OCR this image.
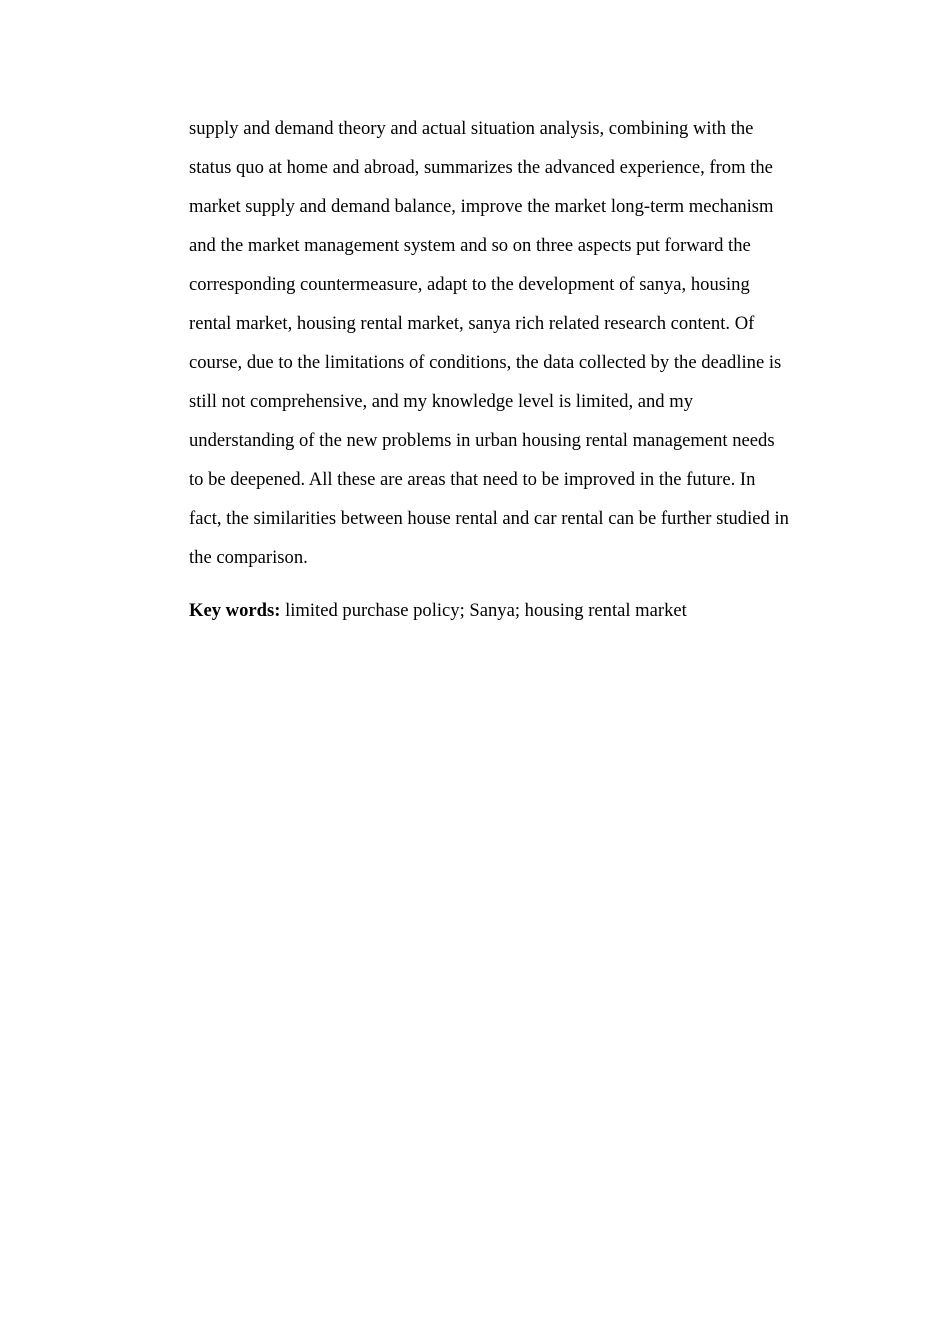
supply and demand theory and actual situation analysis, combining with the
status quo at home and abroad, summarizes the advanced experience, from the
market supply and demand balance, improve the market long-term mechanism
and the market management system and so on three aspects put forward the
corresponding countermeasure, adapt to the development of sanya, housing
rental market, housing rental market, sanya rich related research content. Of
course, due to the limitations of conditions, the data collected by the deadline is
still not comprehensive, and my knowledge level is limited, and my
understanding of the new problems in urban housing rental management needs
to be deepened. All these are areas that need to be improved in the future. In
fact, the similarities between house rental and car rental can be further studied in
the comparison.
Key words: limited purchase policy; Sanya; housing rental market
